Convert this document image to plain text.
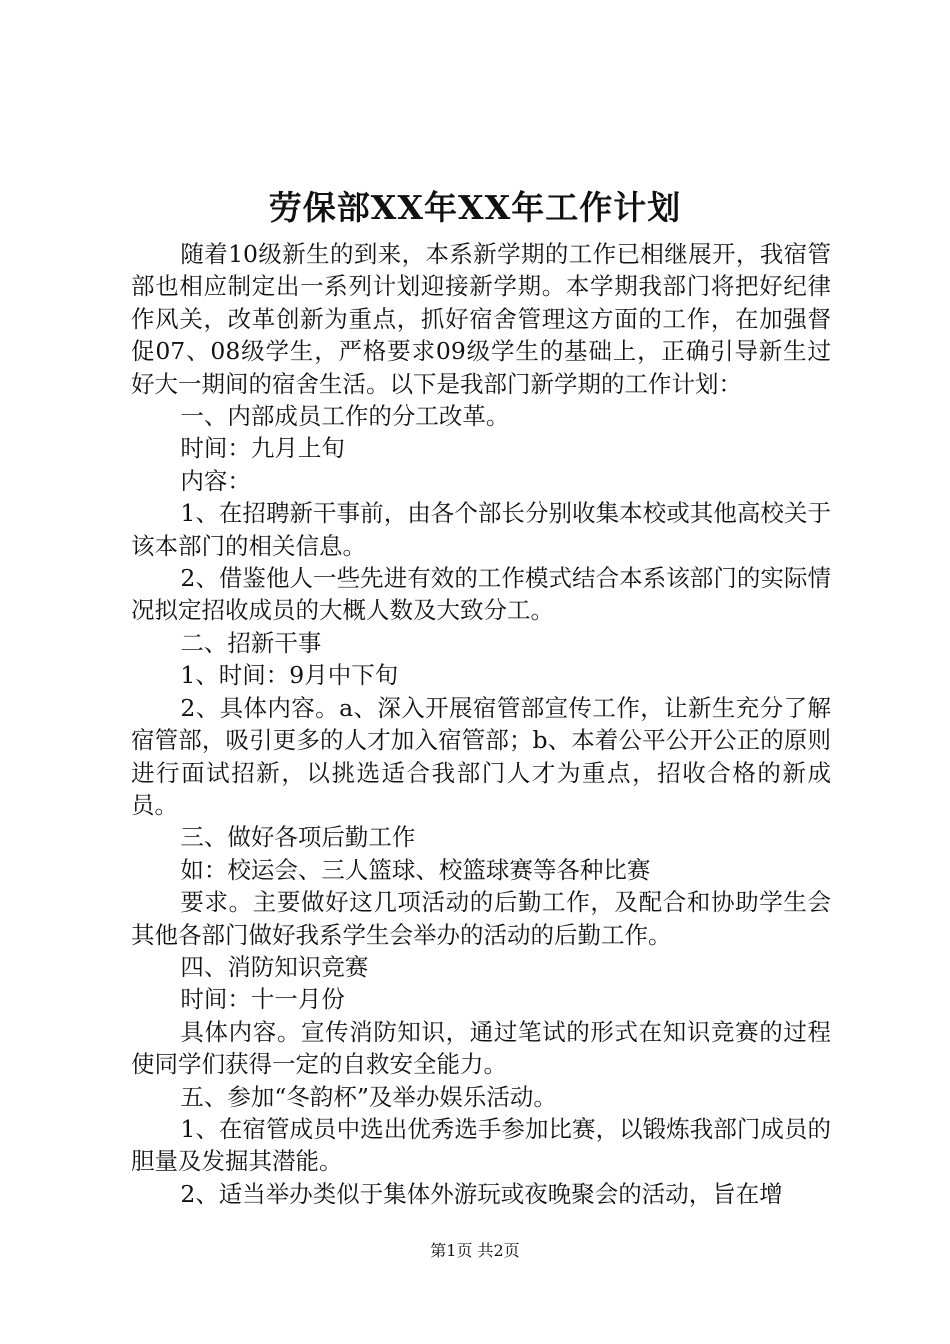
劳保部XX年XX年工作计划

随着10级新生的到来，本系新学期的工作已相继展开，我宿管部也相应制定出一系列计划迎接新学期。本学期我部门将把好纪律作风关，改革创新为重点，抓好宿舍管理这方面的工作，在加强督促07、08级学生，严格要求09级学生的基础上，正确引导新生过好大一期间的宿舍生活。以下是我部门新学期的工作计划：

一、内部成员工作的分工改革。

时间：九月上旬

内容：

1、在招聘新干事前，由各个部长分别收集本校或其他高校关于该本部门的相关信息。

2、借鉴他人一些先进有效的工作模式结合本系该部门的实际情况拟定招收成员的大概人数及大致分工。

二、招新干事

1、时间：9月中下旬

2、具体内容。a、深入开展宿管部宣传工作，让新生充分了解宿管部，吸引更多的人才加入宿管部；b、本着公平公开公正的原则进行面试招新，以挑选适合我部门人才为重点，招收合格的新成员。

三、做好各项后勤工作

如：校运会、三人篮球、校篮球赛等各种比赛

要求。主要做好这几项活动的后勤工作，及配合和协助学生会其他各部门做好我系学生会举办的活动的后勤工作。

四、消防知识竞赛

时间：十一月份

具体内容。宣传消防知识，通过笔试的形式在知识竞赛的过程使同学们获得一定的自救安全能力。

五、参加“冬韵杯”及举办娱乐活动。

1、在宿管成员中选出优秀选手参加比赛，以锻炼我部门成员的胆量及发掘其潜能。

2、适当举办类似于集体外游玩或夜晚聚会的活动，旨在增

第1页 共2页
